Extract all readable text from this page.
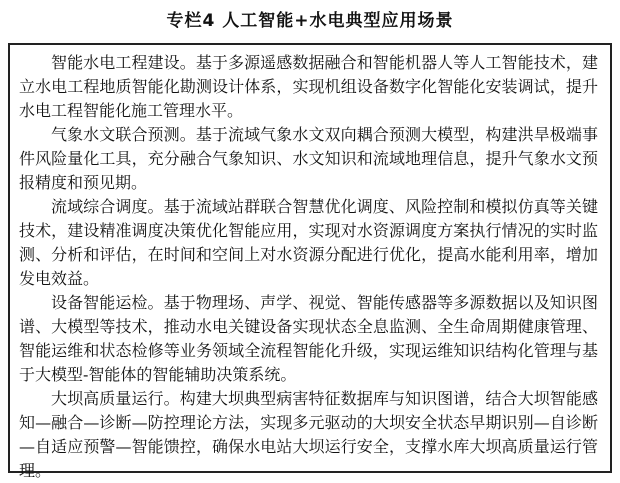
专栏4 人工智能+水电典型应用场景

智能水电工程建设。基于多源遥感数据融合和智能机器人等人工智能技术，建立水电工程地质智能化勘测设计体系，实现机组设备数字化智能化安装调试，提升水电工程智能化施工管理水平。

气象水文联合预测。基于流域气象水文双向耦合预测大模型，构建洪旱极端事件风险量化工具，充分融合气象知识、水文知识和流域地理信息，提升气象水文预报精度和预见期。

流域综合调度。基于流域站群联合智慧优化调度、风险控制和模拟仿真等关键技术，建设精准调度决策优化智能应用，实现对水资源调度方案执行情况的实时监测、分析和评估，在时间和空间上对水资源分配进行优化，提高水能利用率，增加发电效益。

设备智能运检。基于物理场、声学、视觉、智能传感器等多源数据以及知识图谱、大模型等技术，推动水电关键设备实现状态全息监测、全生命周期健康管理、智能运维和状态检修等业务领域全流程智能化升级，实现运维知识结构化管理与基于大模型-智能体的智能辅助决策系统。

大坝高质量运行。构建大坝典型病害特征数据库与知识图谱，结合大坝智能感知—融合—诊断—防控理论方法，实现多元驱动的大坝安全状态早期识别—自诊断—自适应预警—智能馈控，确保水电站大坝运行安全，支撑水库大坝高质量运行管理。
